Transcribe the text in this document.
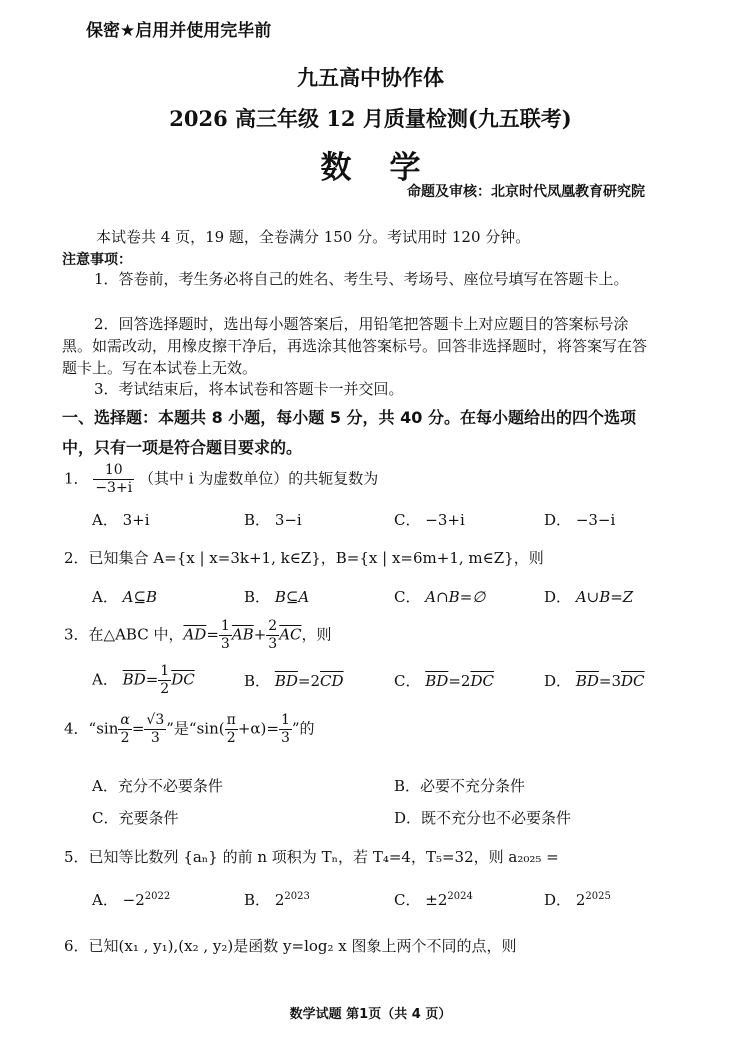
保密★启用并使用完毕前
九五高中协作体
2026 高三年级 12 月质量检测(九五联考)
数学
命题及审核：北京时代凤凰教育研究院
本试卷共 4 页，19 题，全卷满分 150 分。考试用时 120 分钟。
注意事项：
1．答卷前，考生务必将自己的姓名、考生号、考场号、座位号填写在答题卡上。
2．回答选择题时，选出每小题答案后，用铅笔把答题卡上对应题目的答案标号涂黑。如需改动，用橡皮擦干净后，再选涂其他答案标号。回答非选择题时，将答案写在答题卡上。写在本试卷上无效。
3．考试结束后，将本试卷和答题卡一并交回。
一、选择题：本题共 8 小题，每小题 5 分，共 40 分。在每小题给出的四个选项中，只有一项是符合题目要求的。
1． $\frac{10}{-3+i}$ （其中 i 为虚数单位）的共轭复数为
A． 3+i	B． 3−i	C． −3+i	D． −3−i
2．已知集合 A={x | x=3k+1, k∈Z}，B={x | x=6m+1, m∈Z}，则
A． A⊆B	B． B⊆A	C． A∩B=∅	D． A∪B=Z
3．在△ABC 中，$\overline{AD}= \frac{1}{3} \overline{AB}+ \frac{2}{3} \overline{AC}$，则
A． $\overline{BD}= \frac{1}{2} \overline{DC}$	B． $\overline{BD}=2\overline{CD}$	C． $\overline{BD}=2\overline{DC}$	D． $\overline{BD}=3\overline{DC}$
4．“$\sin \frac{\alpha}{2} = \frac{√3}{3}$ ”是“$\sin( \frac{\pi}{2} +\alpha)= \frac{1}{3}$ ”的
A．充分不必要条件	B．必要不充分条件
C．充要条件	D．既不充分也不必要条件
5．已知等比数列 {aₙ} 的前 n 项积为 Tₙ，若 T₄=4，T₅=32，则 a₂₀₂₅ =
A． $-2^{2022}$	B． $2^{2023}$	C． $\pm 2^{2024}$	D． $2^{2025}$
6．已知(x₁ , y₁),(x₂ , y₂)是函数 y=log₂ x 图象上两个不同的点，则
数学试题 第1页（共 4 页）
